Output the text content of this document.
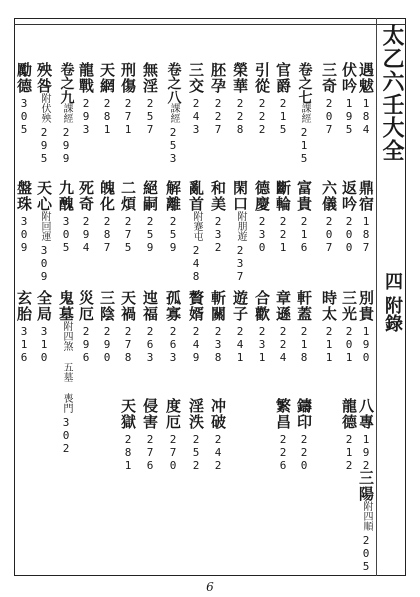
太乙六壬大全
四 附錄
遇魃
1
8
4
鼎宿
1
8
7
別貴
1
9
0
八專
1
9
2
三陽
附四順
2
0
5
伏吟
1
9
5
返吟
2
0
0
三光
2
0
1
龍德
2
1
2
三奇
2
0
7
六儀
2
0
7
時太
2
1
1
卷之七
課經
2
1
5
富貴
2
1
6
軒蓋
2
1
8
鑄印
2
2
0
官爵
2
1
5
斷輪
2
2
1
章遜
2
2
4
繁昌
2
2
6
引從
2
2
2
德慶
2
3
0
合歡
2
3
1
榮華
2
2
8
閑口
附朋遊
2
3
7
遊子
2
4
1
胚孕
2
2
7
和美
2
3
2
斬關
2
3
8
冲破
2
4
2
三交
2
4
3
亂首
附蹇屯
2
4
8
贅婿
2
4
9
淫泆
2
5
2
卷之八
課經
2
5
3
解離
2
5
9
孤寡
2
6
3
度厄
2
7
0
無淫
2
5
7
絕嗣
2
5
9
迍福
2
6
3
侵害
2
7
6
刑傷
2
7
1
二煩
2
7
5
天禍
2
7
8
天獄
2
8
1
天網
2
8
1
魄化
2
8
7
三陰
2
9
0
龍戰
2
9
3
死奇
2
9
4
災厄
2
9
6
卷之九
課經
2
9
9
九醜
3
0
5
鬼墓
附四煞 五墓 喪門
3
0
2
殃咎
附伏殃
2
9
5
天心
附回運
3
0
9
全局
3
1
0
勵德
3
0
5
盤珠
3
0
9
玄胎
3
1
6
6
